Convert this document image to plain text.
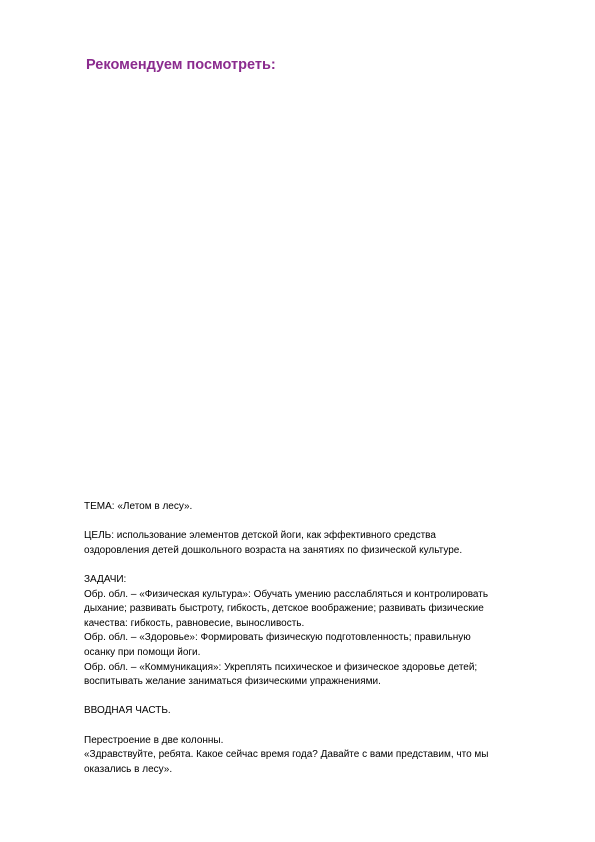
Рекомендуем посмотреть:
ТЕМА: «Летом в лесу».
ЦЕЛЬ: использование элементов детской йоги, как эффективного средства
оздоровления детей дошкольного возраста на занятиях по физической культуре.
ЗАДАЧИ:
Обр. обл. – «Физическая культура»: Обучать умению расслабляться и контролировать
дыхание; развивать быстроту, гибкость, детское воображение; развивать физические
качества: гибкость, равновесие, выносливость.
Обр. обл. – «Здоровье»: Формировать физическую подготовленность; правильную
осанку при помощи йоги.
Обр. обл. – «Коммуникация»: Укреплять психическое и физическое здоровье детей;
воспитывать желание заниматься физическими упражнениями.
ВВОДНАЯ ЧАСТЬ.
Перестроение в две колонны.
«Здравствуйте, ребята. Какое сейчас время года? Давайте с вами представим, что мы
оказались в лесу».
